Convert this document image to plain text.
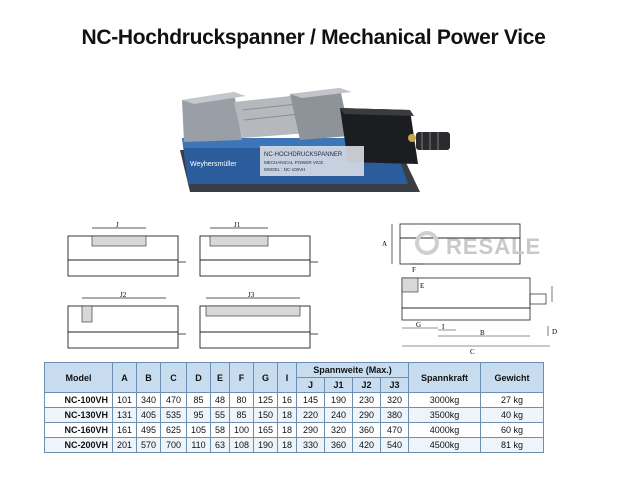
NC-Hochdruckspanner / Mechanical Power Vice
Weyhersmüller
NC-HOCHDRUCKSPANNER
MECHANICAL POWER VICE
MODEL : NC-100VH
J	J1
J2	J3
A
F
E
G	I
B
C
D
RESALE
Model	A	B	C	D	E	F	G	I	Spannweite (Max.)				Spannkraft	Gewicht
									J	J1	J2	J3		
NC-100VH	101	340	470	85	48	80	125	16	145	190	230	320	3000kg	27 kg
NC-130VH	131	405	535	95	55	85	150	18	220	240	290	380	3500kg	40 kg
NC-160VH	161	495	625	105	58	100	165	18	290	320	360	470	4000kg	60 kg
NC-200VH	201	570	700	110	63	108	190	18	330	360	420	540	4500kg	81 kg
